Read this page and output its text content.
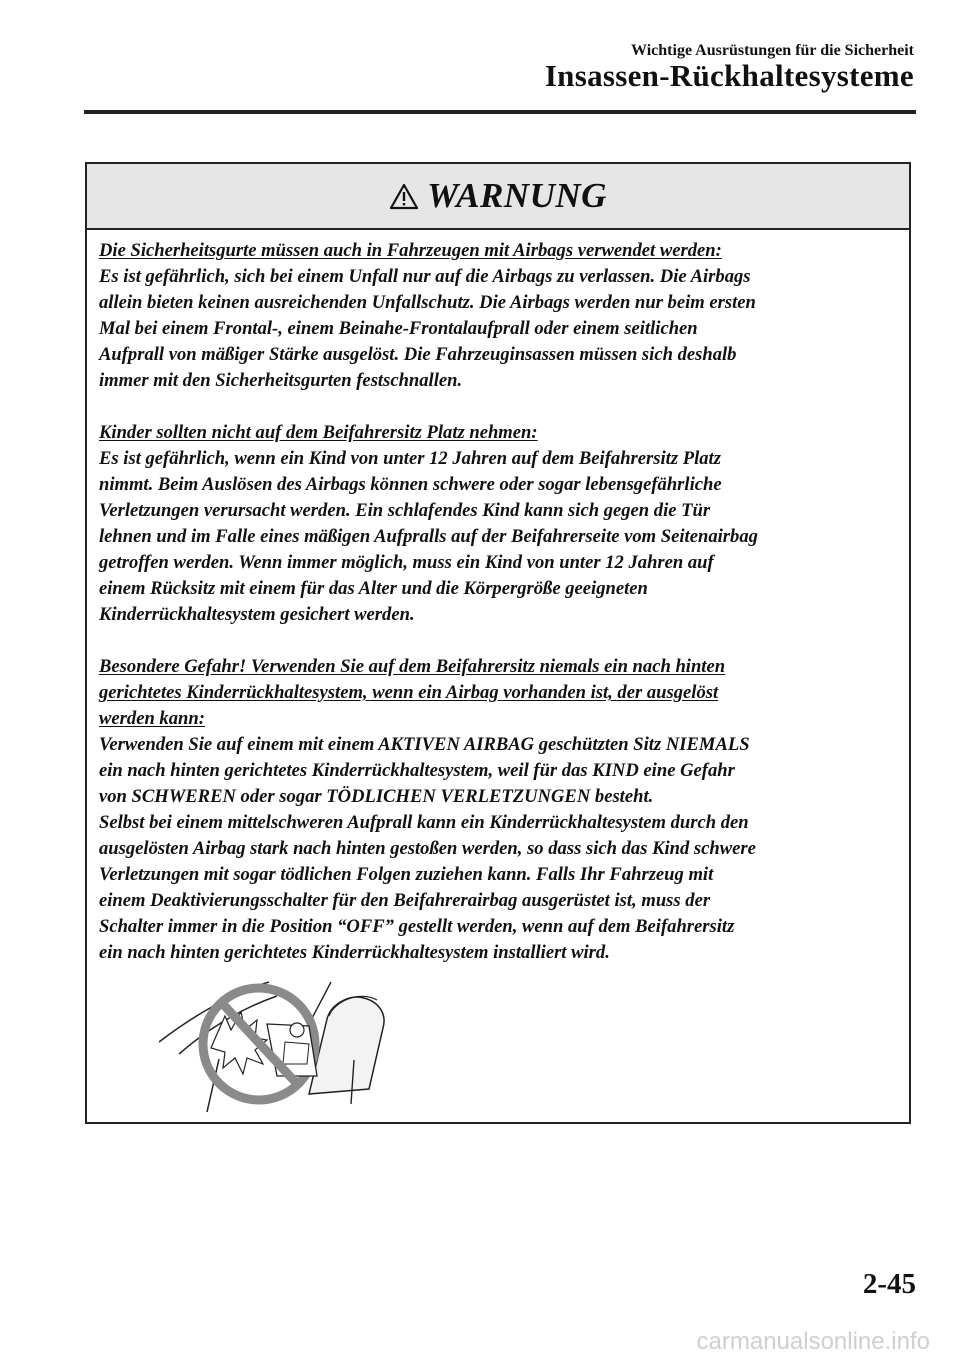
Wichtige Ausrüstungen für die Sicherheit
Insassen-Rückhaltesysteme
WARNUNG
Die Sicherheitsgurte müssen auch in Fahrzeugen mit Airbags verwendet werden:
Es ist gefährlich, sich bei einem Unfall nur auf die Airbags zu verlassen. Die Airbags
allein bieten keinen ausreichenden Unfallschutz. Die Airbags werden nur beim ersten
Mal bei einem Frontal-, einem Beinahe-Frontalaufprall oder einem seitlichen
Aufprall von mäßiger Stärke ausgelöst. Die Fahrzeuginsassen müssen sich deshalb
immer mit den Sicherheitsgurten festschnallen.
Kinder sollten nicht auf dem Beifahrersitz Platz nehmen:
Es ist gefährlich, wenn ein Kind von unter 12 Jahren auf dem Beifahrersitz Platz
nimmt. Beim Auslösen des Airbags können schwere oder sogar lebensgefährliche
Verletzungen verursacht werden. Ein schlafendes Kind kann sich gegen die Tür
lehnen und im Falle eines mäßigen Aufpralls auf der Beifahrerseite vom Seitenairbag
getroffen werden. Wenn immer möglich, muss ein Kind von unter 12 Jahren auf
einem Rücksitz mit einem für das Alter und die Körpergröße geeigneten
Kinderrückhaltesystem gesichert werden.
Besondere Gefahr! Verwenden Sie auf dem Beifahrersitz niemals ein nach hinten
gerichtetes Kinderrückhaltesystem, wenn ein Airbag vorhanden ist, der ausgelöst
werden kann:
Verwenden Sie auf einem mit einem AKTIVEN AIRBAG geschützten Sitz NIEMALS
ein nach hinten gerichtetes Kinderrückhaltesystem, weil für das KIND eine Gefahr
von SCHWEREN oder sogar TÖDLICHEN VERLETZUNGEN besteht.
Selbst bei einem mittelschweren Aufprall kann ein Kinderrückhaltesystem durch den
ausgelösten Airbag stark nach hinten gestoßen werden, so dass sich das Kind schwere
Verletzungen mit sogar tödlichen Folgen zuziehen kann. Falls Ihr Fahrzeug mit
einem Deaktivierungsschalter für den Beifahrerairbag ausgerüstet ist, muss der
Schalter immer in die Position “OFF” gestellt werden, wenn auf dem Beifahrersitz
ein nach hinten gerichtetes Kinderrückhaltesystem installiert wird.
2-45
carmanualsonline.info
